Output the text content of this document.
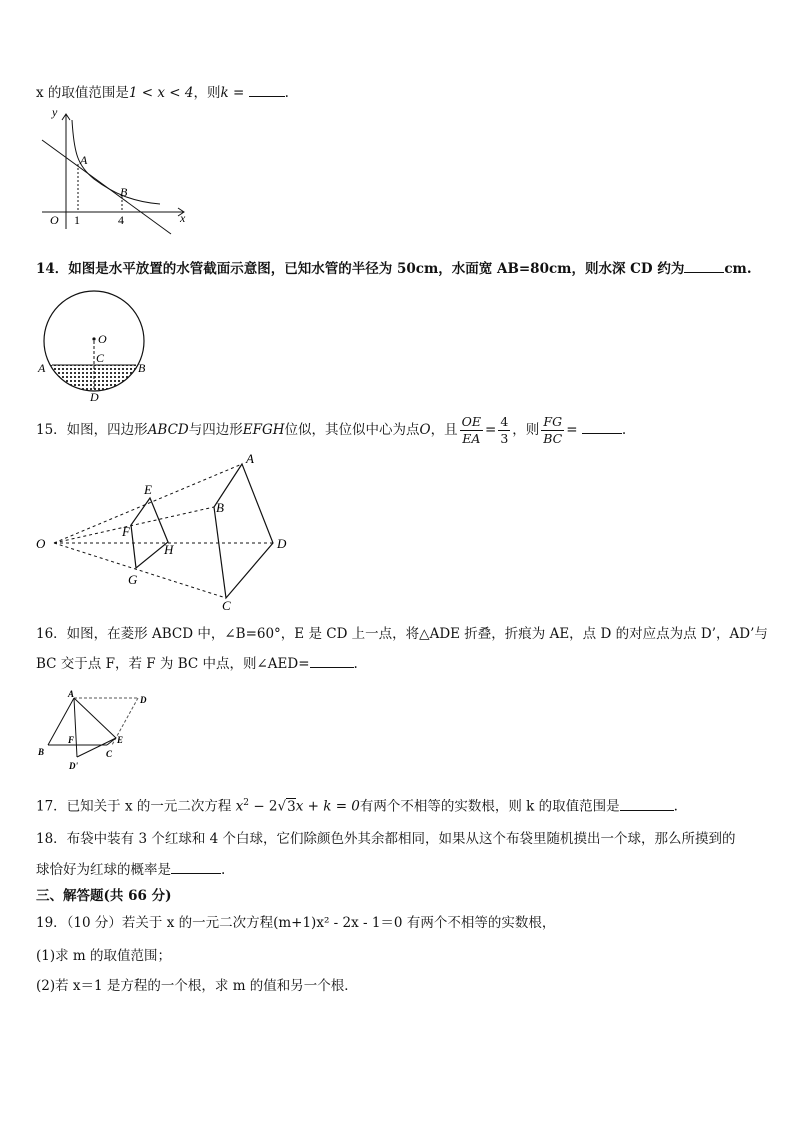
x 的取值范围是1 < x < 4，则k =	.
y
x
O
A
B
1	4
14．如图是水平放置的水管截面示意图，已知水管的半径为 50cm，水面宽 AB=80cm，则水深 CD 约为	cm.
O
C
A	B
D
15．如图，四边形ABCD与四边形EFGH位似，其位似中心为点O，且 $\frac{OE}{EA} = \frac{4}{3}$ ，则 $\frac{FG}{BC}$ =	.
O
E
F
H
G
A
B
D
C
16．如图，在菱形 ABCD 中，∠B=60°，E 是 CD 上一点，将△ADE 折叠，折痕为 AE，点 D 的对应点为点 D’，AD’与
BC 交于点 F，若 F 为 BC 中点，则∠AED=	.
A
D
B
F	E
C
D'
17．已知关于 x 的一元二次方程 $x^2 - 2√3x + k = 0$有两个不相等的实数根，则 k 的取值范围是	.
18．布袋中装有 3 个红球和 4 个白球，它们除颜色外其余都相同，如果从这个布袋里随机摸出一个球，那么所摸到的
球恰好为红球的概率是	.
三、解答题(共 66 分)
19．（10 分）若关于 x 的一元二次方程(m+1)x² - 2x - 1＝0 有两个不相等的实数根，
(1)求 m 的取值范围；
(2)若 x＝1 是方程的一个根，求 m 的值和另一个根．
